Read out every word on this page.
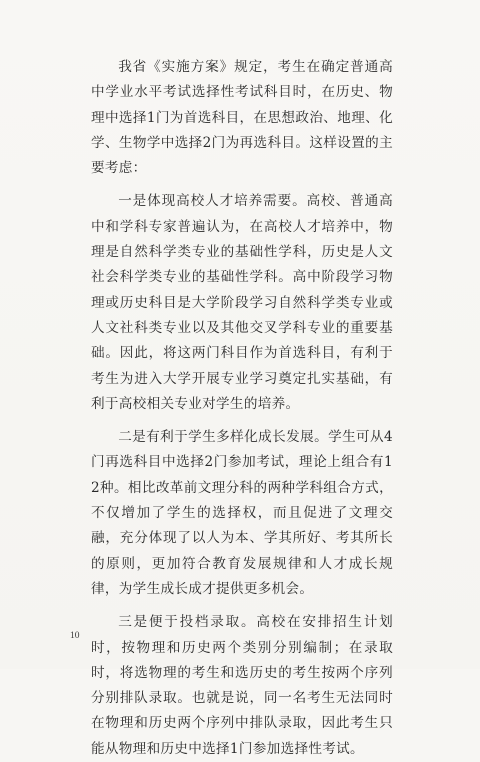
我省《实施方案》规定，考生在确定普通高中学业水平考试选择性考试科目时，在历史、物理中选择1门为首选科目，在思想政治、地理、化学、生物学中选择2门为再选科目。这样设置的主要考虑：

一是体现高校人才培养需要。高校、普通高中和学科专家普遍认为，在高校人才培养中，物理是自然科学类专业的基础性学科，历史是人文社会科学类专业的基础性学科。高中阶段学习物理或历史科目是大学阶段学习自然科学类专业或人文社科类专业以及其他交叉学科专业的重要基础。因此，将这两门科目作为首选科目，有利于考生为进入大学开展专业学习奠定扎实基础，有利于高校相关专业对学生的培养。

二是有利于学生多样化成长发展。学生可从4门再选科目中选择2门参加考试，理论上组合有12种。相比改革前文理分科的两种学科组合方式，不仅增加了学生的选择权，而且促进了文理交融，充分体现了以人为本、学其所好、考其所长的原则，更加符合教育发展规律和人才成长规律，为学生成长成才提供更多机会。

三是便于投档录取。高校在安排招生计划时，按物理和历史两个类别分别编制；在录取时，将选物理的考生和选历史的考生按两个序列分别排队录取。也就是说，同一名考生无法同时在物理和历史两个序列中排队录取，因此考生只能从物理和历史中选择1门参加选择性考试。

10
